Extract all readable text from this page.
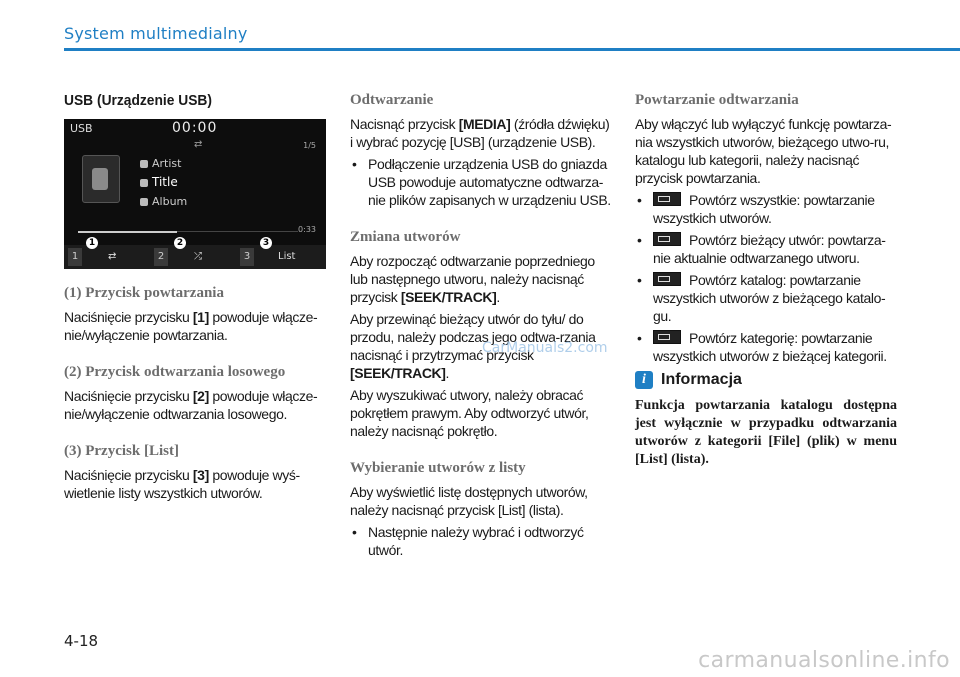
System multimedialny
USB (Urządzenie USB)
USB	00:00
⇄	1/5
Artist
Title
Album
0:33
1	⇄	2	⤮	3	List
1	2	3
(1) Przycisk powtarzania

Naciśnięcie przycisku [1] powoduje włącze-nie/wyłączenie powtarzania.

(2) Przycisk odtwarzania losowego

Naciśnięcie przycisku [2] powoduje włącze-nie/wyłączenie odtwarzania losowego.

(3) Przycisk [List]

Naciśnięcie przycisku [3] powoduje wyś-wietlenie listy wszystkich utworów.

Odtwarzanie

Nacisnąć przycisk [MEDIA] (źródła dźwięku) i wybrać pozycję [USB] (urządzenie USB).

• Podłączenie urządzenia USB do gniazda USB powoduje automatyczne odtwarza-nie plików zapisanych w urządzeniu USB.

Zmiana utworów

Aby rozpocząć odtwarzanie poprzedniego lub następnego utworu, należy nacisnąć przycisk [SEEK/TRACK].

Aby przewinąć bieżący utwór do tyłu/ do przodu, należy podczas jego odtwa-rzania nacisnąć i przytrzymać przycisk [SEEK/TRACK].

Aby wyszukiwać utwory, należy obracać pokrętłem prawym. Aby odtworzyć utwór, należy nacisnąć pokrętło.

Wybieranie utworów z listy

Aby wyświetlić listę dostępnych utworów, należy nacisnąć przycisk [List] (lista).

• Następnie należy wybrać i odtworzyć utwór.

Powtarzanie odtwarzania

Aby włączyć lub wyłączyć funkcję powtarza-nia wszystkich utworów, bieżącego utwo-ru, katalogu lub kategorii, należy nacisnąć przycisk powtarzania.

• Powtórz wszystkie: powtarzanie wszystkich utworów.

• Powtórz bieżący utwór: powtarza-nie aktualnie odtwarzanego utworu.

• Powtórz katalog: powtarzanie wszystkich utworów z bieżącego katalo-gu.

• Powtórz kategorię: powtarzanie wszystkich utworów z bieżącej kategorii.

i Informacja

Funkcja powtarzania katalogu dostępna jest wyłącznie w przypadku odtwarzania utworów z kategorii [File] (plik) w menu [List] (lista).

CarManuals2.com
4-18
carmanualsonline.info
